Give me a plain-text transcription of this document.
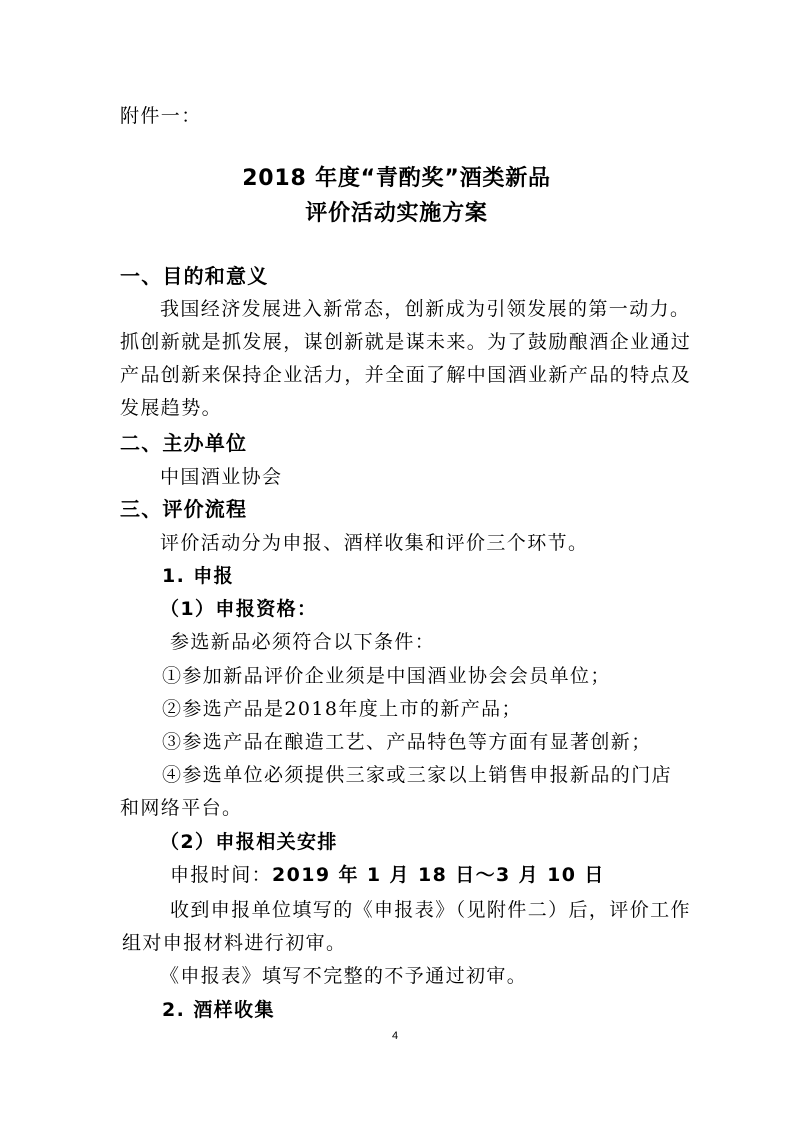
附件一：
2018 年度“青酌奖”酒类新品
评价活动实施方案
一、目的和意义
我国经济发展进入新常态，创新成为引领发展的第一动力。
抓创新就是抓发展，谋创新就是谋未来。为了鼓励酿酒企业通过
产品创新来保持企业活力，并全面了解中国酒业新产品的特点及
发展趋势。
二、主办单位
中国酒业协会
三、评价流程
评价活动分为申报、酒样收集和评价三个环节。
1. 申报
（1）申报资格：
参选新品必须符合以下条件：
①参加新品评价企业须是中国酒业协会会员单位；
②参选产品是2018年度上市的新产品；
③参选产品在酿造工艺、产品特色等方面有显著创新；
④参选单位必须提供三家或三家以上销售申报新品的门店
和网络平台。
（2）申报相关安排
申报时间：2019 年 1 月 18 日～3 月 10 日
收到申报单位填写的《申报表》（见附件二）后，评价工作
组对申报材料进行初审。
《申报表》填写不完整的不予通过初审。
2. 酒样收集
4
